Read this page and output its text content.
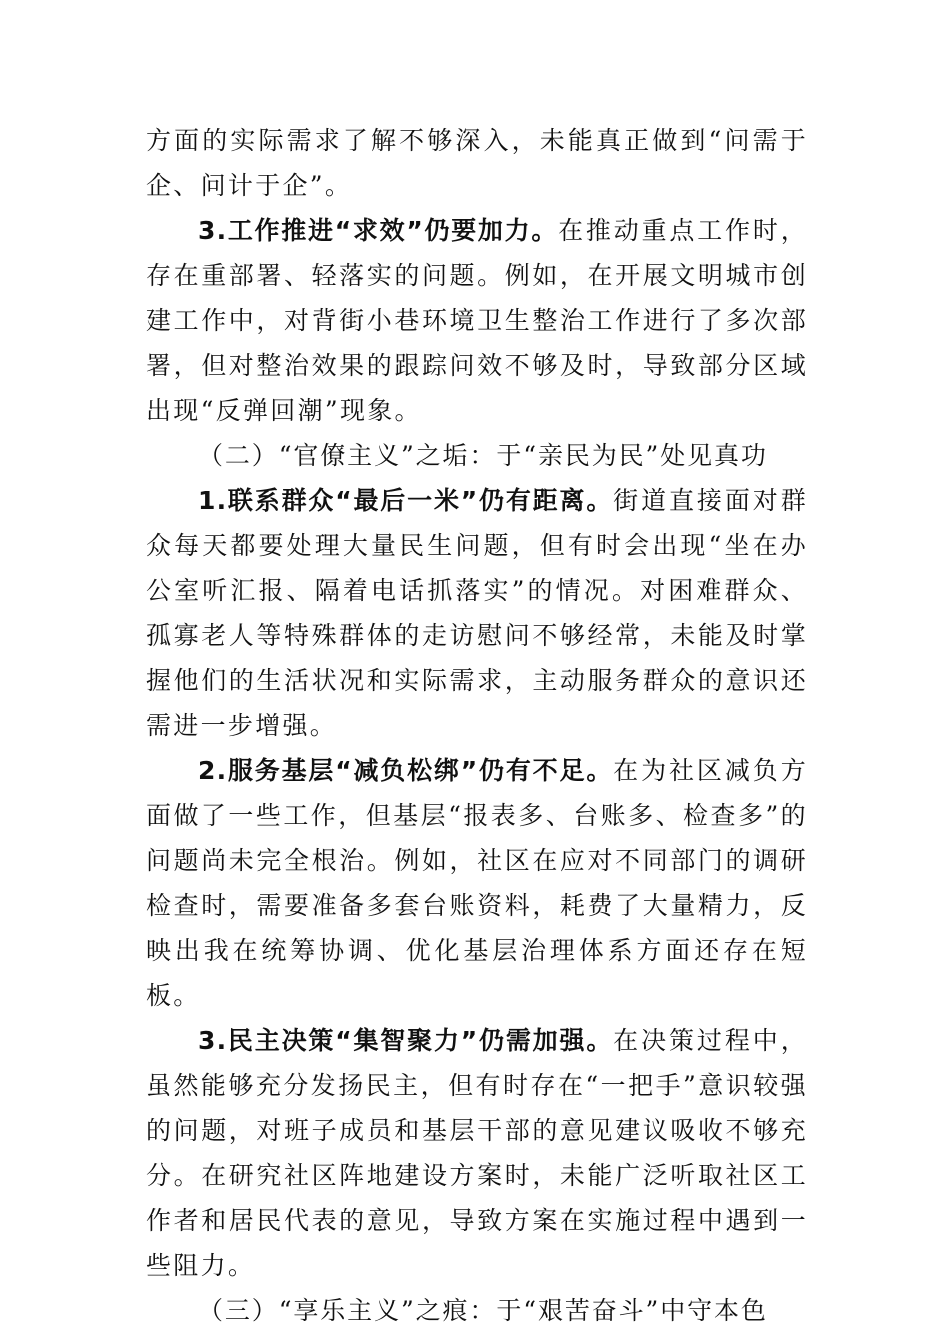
方面的实际需求了解不够深入，未能真正做到“问需于企、问计于企”。

3.工作推进“求效”仍要加力。在推动重点工作时，存在重部署、轻落实的问题。例如，在开展文明城市创建工作中，对背街小巷环境卫生整治工作进行了多次部署，但对整治效果的跟踪问效不够及时，导致部分区域出现“反弹回潮”现象。

（二）“官僚主义”之垢：于“亲民为民”处见真功

1.联系群众“最后一米”仍有距离。街道直接面对群众每天都要处理大量民生问题，但有时会出现“坐在办公室听汇报、隔着电话抓落实”的情况。对困难群众、孤寡老人等特殊群体的走访慰问不够经常，未能及时掌握他们的生活状况和实际需求，主动服务群众的意识还需进一步增强。

2.服务基层“减负松绑”仍有不足。在为社区减负方面做了一些工作，但基层“报表多、台账多、检查多”的问题尚未完全根治。例如，社区在应对不同部门的调研检查时，需要准备多套台账资料，耗费了大量精力，反映出我在统筹协调、优化基层治理体系方面还存在短板。

3.民主决策“集智聚力”仍需加强。在决策过程中，虽然能够充分发扬民主，但有时存在“一把手”意识较强的问题，对班子成员和基层干部的意见建议吸收不够充分。在研究社区阵地建设方案时，未能广泛听取社区工作者和居民代表的意见，导致方案在实施过程中遇到一些阻力。

（三）“享乐主义”之痕：于“艰苦奋斗”中守本色
